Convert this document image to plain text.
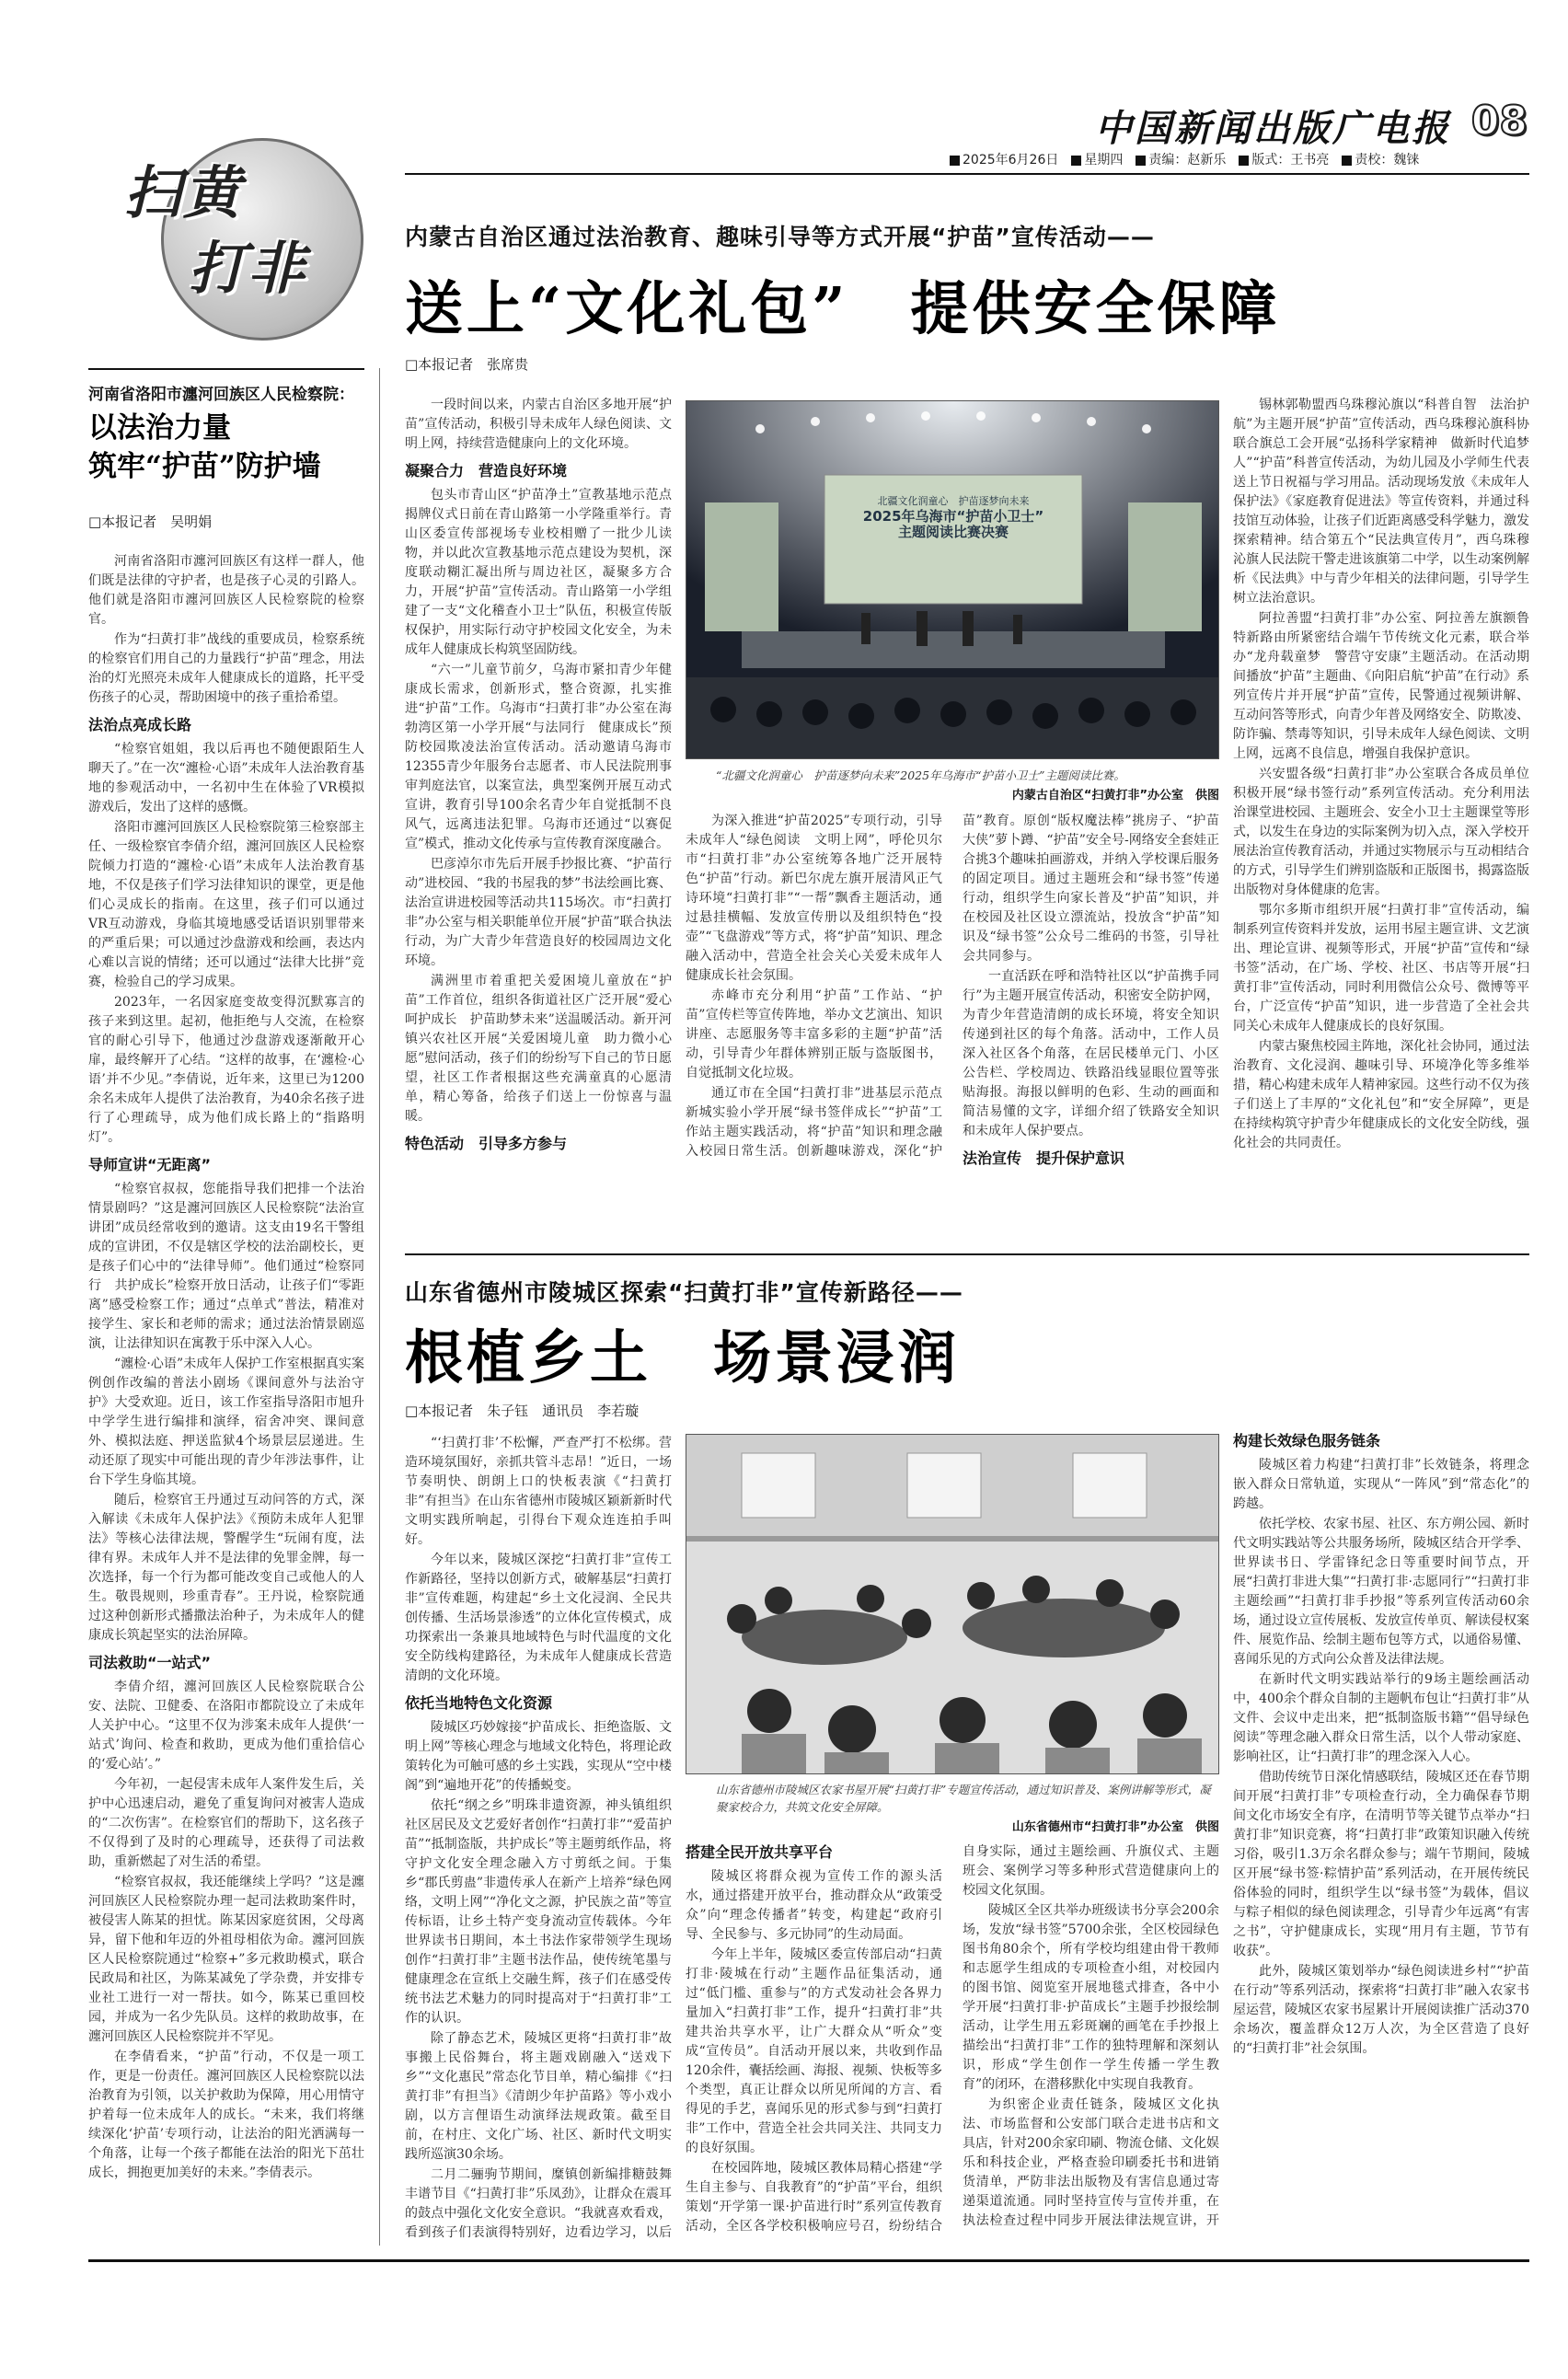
中国新闻出版广电报 08
2025年6月26日	星期四	责编：赵新乐	版式：王书亮	责校：魏铼
扫黄
打非
河南省洛阳市瀍河回族区人民检察院：
以法治力量
筑牢“护苗”防护墙
□本报记者　吴明娟

河南省洛阳市瀍河回族区有这样一群人，他们既是法律的守护者，也是孩子心灵的引路人。他们就是洛阳市瀍河回族区人民检察院的检察官。

作为“扫黄打非”战线的重要成员，检察系统的检察官们用自己的力量践行“护苗”理念，用法治的灯光照亮未成年人健康成长的道路，托平受伤孩子的心灵，帮助困境中的孩子重拾希望。

法治点亮成长路

“检察官姐姐，我以后再也不随便跟陌生人聊天了。”在一次“瀍检·心语”未成年人法治教育基地的参观活动中，一名初中生在体验了VR模拟游戏后，发出了这样的感慨。

洛阳市瀍河回族区人民检察院第三检察部主任、一级检察官李倩介绍，瀍河回族区人民检察院倾力打造的“瀍检·心语”未成年人法治教育基地，不仅是孩子们学习法律知识的课堂，更是他们心灵成长的指南。在这里，孩子们可以通过VR互动游戏，身临其境地感受话语识别罪带来的严重后果；可以通过沙盘游戏和绘画，表达内心难以言说的情绪；还可以通过“法律大比拼”竞赛，检验自己的学习成果。

2023年，一名因家庭变故变得沉默寡言的孩子来到这里。起初，他拒绝与人交流，在检察官的耐心引导下，他通过沙盘游戏逐渐敞开心扉，最终解开了心结。“这样的故事，在‘瀍检·心语’并不少见。”李倩说，近年来，这里已为1200余名未成年人提供了法治教育，为40余名孩子进行了心理疏导，成为他们成长路上的“指路明灯”。

导师宣讲“无距离”

“检察官叔叔，您能指导我们把排一个法治情景剧吗？”这是瀍河回族区人民检察院“法治宣讲团”成员经常收到的邀请。这支由19名干警组成的宣讲团，不仅是辖区学校的法治副校长，更是孩子们心中的“法律导师”。他们通过“检察同行　共护成长”检察开放日活动，让孩子们“零距离”感受检察工作；通过“点单式”普法，精准对接学生、家长和老师的需求；通过法治情景剧巡演，让法律知识在寓教于乐中深入人心。

“瀍检·心语”未成年人保护工作室根据真实案例创作改编的普法小剧场《课间意外与法治守护》大受欢迎。近日，该工作室指导洛阳市旭升中学学生进行编排和演绎，宿舍冲突、课间意外、模拟法庭、押送监狱4个场景层层递进。生动还原了现实中可能出现的青少年涉法事件，让台下学生身临其境。

随后，检察官王丹通过互动问答的方式，深入解读《未成年人保护法》《预防未成年人犯罪法》等核心法律法规，警醒学生“玩闹有度，法律有界。未成年人并不是法律的免罪金牌，每一次选择，每一个行为都可能改变自己或他人的人生。敬畏规则，珍重青春”。王丹说，检察院通过这种创新形式播撒法治种子，为未成年人的健康成长筑起坚实的法治屏障。

司法救助“一站式”

李倩介绍，瀍河回族区人民检察院联合公安、法院、卫健委、在洛阳市都院设立了未成年人关护中心。“这里不仅为涉案未成年人提供‘一站式’询问、检查和救助，更成为他们重拾信心的‘爱心站’。”

今年初，一起侵害未成年人案件发生后，关护中心迅速启动，避免了重复询问对被害人造成的“二次伤害”。在检察官们的帮助下，这名孩子不仅得到了及时的心理疏导，还获得了司法救助，重新燃起了对生活的希望。

“检察官叔叔，我还能继续上学吗？”这是瀍河回族区人民检察院办理一起司法救助案件时，被侵害人陈某的担忧。陈某因家庭贫困，父母离异，留下他和年迈的外祖母相依为命。瀍河回族区人民检察院通过“检察+”多元救助模式，联合民政局和社区，为陈某减免了学杂费，并安排专业社工进行一对一帮扶。如今，陈某已重回校园，并成为一名少先队员。这样的救助故事，在瀍河回族区人民检察院并不罕见。

在李倩看来，“护苗”行动，不仅是一项工作，更是一份责任。瀍河回族区人民检察院以法治教育为引领，以关护救助为保障，用心用情守护着每一位未成年人的成长。“未来，我们将继续深化‘护苗’专项行动，让法治的阳光洒满每一个角落，让每一个孩子都能在法治的阳光下茁壮成长，拥抱更加美好的未来。”李倩表示。

内蒙古自治区通过法治教育、趣味引导等方式开展“护苗”宣传活动——
送上“文化礼包”　提供安全保障
□本报记者　张席贵
北疆文化润童心　护苗逐梦向未来
2025年乌海市“护苗小卫士”
主题阅读比赛决赛
“北疆文化润童心　护苗逐梦向未来”2025年乌海市“护苗小卫士”主题阅读比赛。
内蒙古自治区“扫黄打非”办公室　供图

一段时间以来，内蒙古自治区多地开展“护苗”宣传活动，积极引导未成年人绿色阅读、文明上网，持续营造健康向上的文化环境。

凝聚合力　营造良好环境

包头市青山区“护苗净土”宣教基地示范点揭牌仪式日前在青山路第一小学隆重举行。青山区委宣传部视场专业校相赠了一批少儿读物，并以此次宣教基地示范点建设为契机，深度联动糊汇凝出所与周边社区，凝聚多方合力，开展“护苗”宣传活动。青山路第一小学组建了一支“文化稽查小卫士”队伍，积极宣传版权保护，用实际行动守护校园文化安全，为未成年人健康成长构筑坚固防线。

“六一”儿童节前夕，乌海市紧扣青少年健康成长需求，创新形式，整合资源，扎实推进“护苗”工作。乌海市“扫黄打非”办公室在海勃湾区第一小学开展“与法同行　健康成长”预防校园欺凌法治宣传活动。活动邀请乌海市12355青少年服务台志愿者、市人民法院刑事审判庭法官，以案宣法，典型案例开展互动式宣讲，教育引导100余名青少年自觉抵制不良风气，远离违法犯罪。乌海市还通过“以赛促宣”模式，推动文化传承与宣传教育深度融合。

巴彦淖尔市先后开展手抄报比赛、“护苗行动”进校园、“我的书屋我的梦”书法绘画比赛、法治宣讲进校园等活动共115场次。市“扫黄打非”办公室与相关职能单位开展“护苗”联合执法行动，为广大青少年营造良好的校园周边文化环境。

满洲里市着重把关爱困境儿童放在“护苗”工作首位，组织各街道社区广泛开展“爱心呵护成长　护苗助梦未来”送温暖活动。新开河镇兴农社区开展“关爱困境儿童　助力微小心愿”慰问活动，孩子们的纷纷写下自己的节日愿望，社区工作者根据这些充满童真的心愿清单，精心筹备，给孩子们送上一份惊喜与温暖。

特色活动　引导多方参与

为深入推进“护苗2025”专项行动，引导未成年人“绿色阅读　文明上网”，呼伦贝尔市“扫黄打非”办公室统筹各地广泛开展特色“护苗”行动。新巴尔虎左旗开展清风正气诗环境“扫黄打非”“一帮”飘香主题活动，通过悬挂横幅、发放宣传册以及组织特色“投壶”“飞盘游戏”等方式，将“护苗”知识、理念融入活动中，营造全社会关心关爱未成年人健康成长社会氛围。

赤峰市充分利用“护苗”工作站、“护苗”宣传栏等宣传阵地，举办文艺演出、知识讲座、志愿服务等丰富多彩的主题“护苗”活动，引导青少年群体辨别正版与盗版图书，自觉抵制文化垃圾。

通辽市在全国“扫黄打非”进基层示范点新城实验小学开展“绿书签伴成长”“护苗”工作站主题实践活动，将“护苗”知识和理念融入校园日常生活。创新趣味游戏，深化“护苗”教育。原创“版权魔法棒”挑房子、“护苗大侠”萝卜蹲、“护苗”安全号-网络安全套娃正合挑3个趣味拍画游戏，并纳入学校课后服务的固定项目。通过主题班会和“绿书签”传递行动，组织学生向家长普及“护苗”知识，并在校园及社区设立漂流站，投放含“护苗”知识及“绿书签”公众号二维码的书签，引导社会共同参与。

一直活跃在呼和浩特社区以“护苗携手同行”为主题开展宣传活动，积密安全防护网，为青少年营造清朗的成长环境，将安全知识传递到社区的每个角落。活动中，工作人员深入社区各个角落，在居民楼单元门、小区公告栏、学校周边、铁路沿线显眼位置等张贴海报。海报以鲜明的色彩、生动的画面和简洁易懂的文字，详细介绍了铁路安全知识和未成年人保护要点。

法治宣传　提升保护意识

锡林郭勒盟西乌珠穆沁旗以“科普自智　法治护航”为主题开展“护苗”宣传活动，西乌珠穆沁旗科协联合旗总工会开展“弘扬科学家精神　做新时代追梦人”“护苗”科普宣传活动，为幼儿园及小学师生代表送上节日祝福与学习用品。活动现场发放《未成年人保护法》《家庭教育促进法》等宣传资料，并通过科技馆互动体验，让孩子们近距离感受科学魅力，激发探索精神。结合第五个“民法典宣传月”，西乌珠穆沁旗人民法院干警走进该旗第二中学，以生动案例解析《民法典》中与青少年相关的法律问题，引导学生树立法治意识。

阿拉善盟“扫黄打非”办公室、阿拉善左旗额鲁特新路由所紧密结合端午节传统文化元素，联合举办“龙舟载童梦　警营守安康”主题活动。在活动期间播放“护苗”主题曲、《向阳启航“护苗”在行动》系列宣传片并开展“护苗”宣传，民警通过视频讲解、互动问答等形式，向青少年普及网络安全、防欺凌、防诈骗、禁毒等知识，引导未成年人绿色阅读、文明上网，远离不良信息，增强自我保护意识。

兴安盟各级“扫黄打非”办公室联合各成员单位积极开展“绿书签行动”系列宣传活动。充分利用法治课堂进校园、主题班会、安全小卫士主题课堂等形式，以发生在身边的实际案例为切入点，深入学校开展法治宣传教育活动，并通过实物展示与互动相结合的方式，引导学生们辨别盗版和正版图书，揭露盗版出版物对身体健康的危害。

鄂尔多斯市组织开展“扫黄打非”宣传活动，编制系列宣传资料并发放，运用书屋主题宣讲、文艺演出、理论宣讲、视频等形式，开展“护苗”宣传和“绿书签”活动，在广场、学校、社区、书店等开展“扫黄打非”宣传活动，同时利用微信公众号、微博等平台，广泛宣传“护苗”知识，进一步营造了全社会共同关心未成年人健康成长的良好氛围。

内蒙古聚焦校园主阵地，深化社会协同，通过法治教育、文化浸润、趣味引导、环境净化等多维举措，精心构建未成年人精神家园。这些行动不仅为孩子们送上了丰厚的“文化礼包”和“安全屏障”，更是在持续构筑守护青少年健康成长的文化安全防线，强化社会的共同责任。

山东省德州市陵城区探索“扫黄打非”宣传新路径——
根植乡土　场景浸润
□本报记者　朱子钰　通讯员　李若璇
山东省德州市陵城区农家书屋开展“扫黄打非”专题宣传活动，通过知识普及、案例讲解等形式，凝聚家校合力，共筑文化安全屏障。
山东省德州市“扫黄打非”办公室　供图

“‘扫黄打非’不松懈，严查严打不松绑。营造环境氛围好，亲抓共管斗志昂！”近日，一场节奏明快、朗朗上口的快板表演《“扫黄打非”有担当》在山东省德州市陵城区颖新新时代文明实践所响起，引得台下观众连连拍手叫好。

今年以来，陵城区深挖“扫黄打非”宣传工作新路径，坚持以创新方式，破解基层“扫黄打非”宣传难题，构建起“乡土文化浸润、全民共创传播、生活场景渗透”的立体化宣传模式，成功探索出一条兼具地域特色与时代温度的文化安全防线构建路径，为未成年人健康成长营造清朗的文化环境。

依托当地特色文化资源

陵城区巧妙嫁接“护苗成长、拒绝盗版、文明上网”等核心理念与地域文化特色，将理论政策转化为可触可感的乡土实践，实现从“空中楼阁”到“遍地开花”的传播蜕变。

依托“纲之乡”明珠非遗资源，神头镇组织社区居民及文艺爱好者创作“扫黄打非”“爱苗护苗”“抵制盗版，共护成长”等主题剪纸作品，将守护文化安全理念融入方寸剪纸之间。于集乡“郡氏剪蛊”非遗传承人在新产上培养“绿色网络，文明上网”“净化文之源，护民族之苗”等宣传标语，让乡土特产变身流动宣传载体。今年世界读书日期间，本土书法作家带领学生现场创作“扫黄打非”主题书法作品，使传统笔墨与健康理念在宣纸上交融生辉，孩子们在感受传统书法艺术魅力的同时提高对于“扫黄打非”工作的认识。

除了静态艺术，陵城区更将“扫黄打非”故事搬上民俗舞台，将主题戏剧融入“送戏下乡”“文化惠民”常态化节目单，精心编排《“扫黄打非”有担当》《清朗少年护苗路》等小戏小剧，以方言俚语生动演绎法规政策。截至目前，在村庄、文化广场、社区、新时代文明实践所巡演30余场。

二月二骊驹节期间，糜镇创新编排糖鼓舞丰谱节目《“扫黄打非”乐凤劲》，让群众在震耳的鼓点中强化文化安全意识。“我就喜欢看戏，看到孩子们表演得特别好，边看边学习，以后

搭建全民开放共享平台

陵城区将群众视为宣传工作的源头活水，通过搭建开放平台，推动群众从“政策受众”向“理念传播者”转变，构建起“政府引导、全民参与、多元协同”的生动局面。

今年上半年，陵城区委宣传部启动“扫黄打非·陵城在行动”主题作品征集活动，通过“低门槛、重参与”的方式发动社会各界力量加入“扫黄打非”工作，提升“扫黄打非”共建共治共享水平，让广大群众从“听众”变成“宣传员”。自活动开展以来，共收到作品120余件，囊括绘画、海报、视频、快板等多个类型，真正让群众以所见所闻的方言、看得见的手艺，喜闻乐见的形式参与到“扫黄打非”工作中，营造全社会共同关注、共同支力的良好氛围。

在校园阵地，陵城区教体局精心搭建“学生自主参与、自我教育”的“护苗”平台，组织策划“开学第一课·护苗进行时”系列宣传教育活动，全区各学校积极响应号召，纷纷结合自身实际，通过主题绘画、升旗仪式、主题班会、案例学习等多种形式营造健康向上的校园文化氛围。

陵城区全区共举办班级读书分享会200余场，发放“绿书签”5700余张，全区校园绿色图书角80余个，所有学校均组建由骨干教师和志愿学生组成的专项检查小组，对校园内的图书馆、阅览室开展地毯式排查，各中小学开展“扫黄打非·护苗成长”主题手抄报绘制活动，让学生用五彩斑斓的画笔在手抄报上描绘出“扫黄打非”工作的独特理解和深刻认识，形成“学生创作一学生传播一学生教育”的闭环，在潜移默化中实现自我教育。

为织密企业责任链条，陵城区文化执法、市场监督和公安部门联合走进书店和文具店，针对200余家印刷、物流仓储、文化娱乐和科技企业，严格查验印刷委托书和进销货清单，严防非法出版物及有害信息通过寄递渠道流通。同时坚持宣传与宣传并重，在执法检查过程中同步开展法律法规宣讲，开

构建长效绿色服务链条

陵城区着力构建“扫黄打非”长效链条，将理念嵌入群众日常轨道，实现从“一阵风”到“常态化”的跨越。

依托学校、农家书屋、社区、东方朔公园、新时代文明实践站等公共服务场所，陵城区结合开学季、世界读书日、学雷锋纪念日等重要时间节点，开展“扫黄打非进大集”“扫黄打非·志愿同行”“扫黄打非主题绘画”“扫黄打非手抄报”等系列宣传活动60余场，通过设立宣传展板、发放宣传单页、解读侵权案件、展览作品、绘制主题布包等方式，以通俗易懂、喜闻乐见的方式向公众普及法律法规。

在新时代文明实践站举行的9场主题绘画活动中，400余个群众自制的主题帆布包让“扫黄打非”从文件、会议中走出来，把“抵制盗版书籍”“倡导绿色阅读”等理念融入群众日常生活，以个人带动家庭、影响社区，让“扫黄打非”的理念深入人心。

借助传统节日深化情感联结，陵城区还在春节期间开展“扫黄打非”专项检查行动，全力确保春节期间文化市场安全有序，在清明节等关键节点举办“扫黄打非”知识竞赛，将“扫黄打非”政策知识融入传统习俗，吸引1.3万余名群众参与；端午节期间，陵城区开展“绿书签·粽情护苗”系列活动，在开展传统民俗体验的同时，组织学生以“绿书签”为载体，倡议与粽子相似的绿色阅读理念，引导青少年远离“有害之书”，守护健康成长，实现“用月有主题，节节有收获”。

此外，陵城区策划举办“绿色阅读进乡村”“护苗在行动”等系列活动，探索将“扫黄打非”融入农家书屋运营，陵城区农家书屋累计开展阅读推广活动370余场次，覆盖群众12万人次，为全区营造了良好的“扫黄打非”社会氛围。
